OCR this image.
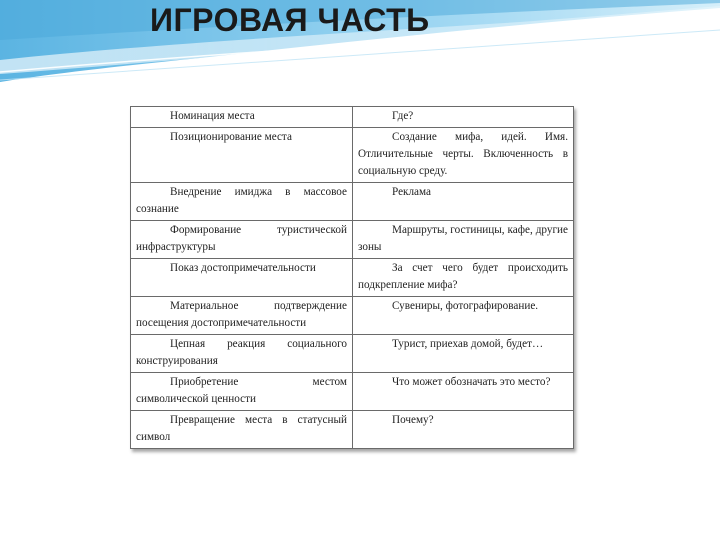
ИГРОВАЯ ЧАСТЬ
Номинация места	Где?
Позиционирование места	Создание мифа, идей. Имя. Отличительные черты. Включенность в социальную среду.
Внедрение имиджа в массовое сознание	Реклама
Формирование туристической инфраструктуры	Маршруты, гостиницы, кафе, другие зоны
Показ достопримечательности	За счет чего будет происходить подкрепление мифа?
Материальное подтверждение посещения достопримечательности	Сувениры, фотографирование.
Цепная реакция социального конструирования	Турист, приехав домой, будет…
Приобретение местом символической ценности	Что может обозначать это место?
Превращение места в статусный символ	Почему?
